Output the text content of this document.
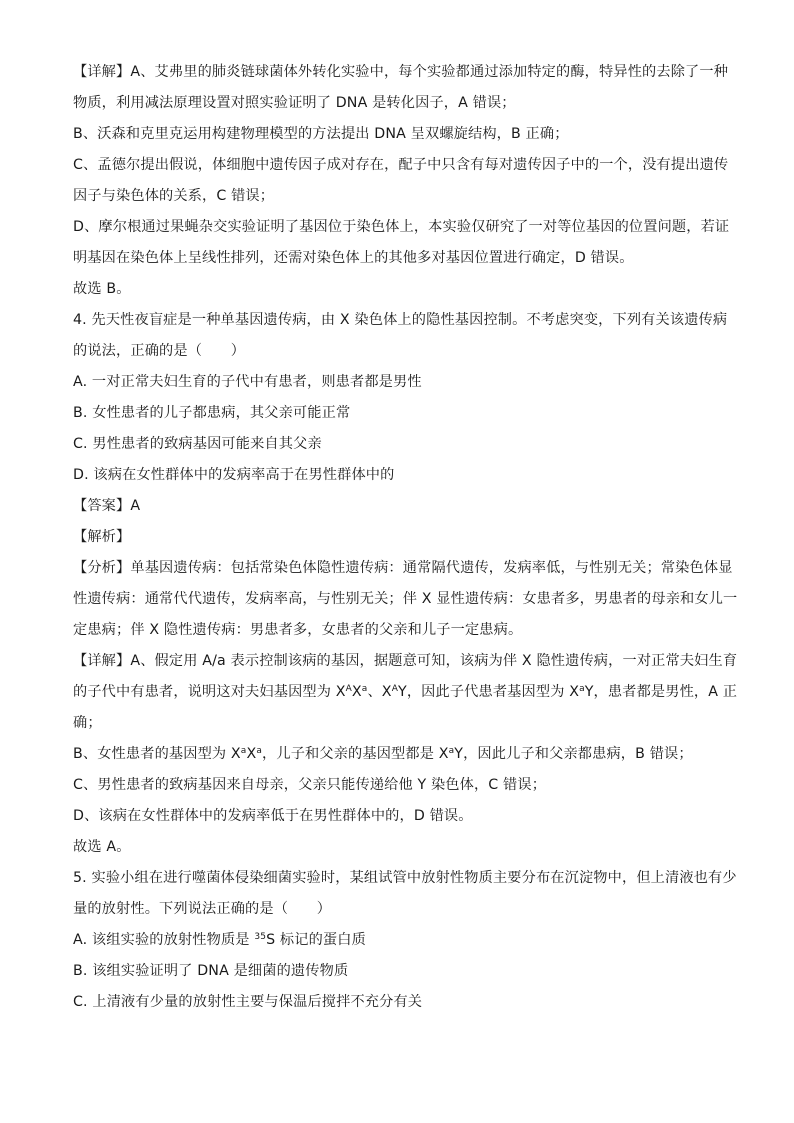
【详解】A、艾弗里的肺炎链球菌体外转化实验中，每个实验都通过添加特定的酶，特异性的去除了一种
物质，利用减法原理设置对照实验证明了 DNA 是转化因子，A 错误；
B、沃森和克里克运用构建物理模型的方法提出 DNA 呈双螺旋结构，B 正确；
C、孟德尔提出假说，体细胞中遗传因子成对存在，配子中只含有每对遗传因子中的一个，没有提出遗传
因子与染色体的关系，C 错误；
D、摩尔根通过果蝇杂交实验证明了基因位于染色体上，本实验仅研究了一对等位基因的位置问题，若证
明基因在染色体上呈线性排列，还需对染色体上的其他多对基因位置进行确定，D 错误。
故选 B。
4. 先天性夜盲症是一种单基因遗传病，由 X 染色体上的隐性基因控制。不考虑突变，下列有关该遗传病
的说法，正确的是（　　）
A. 一对正常夫妇生育的子代中有患者，则患者都是男性
B. 女性患者的儿子都患病，其父亲可能正常
C. 男性患者的致病基因可能来自其父亲
D. 该病在女性群体中的发病率高于在男性群体中的
【答案】A
【解析】
【分析】单基因遗传病：包括常染色体隐性遗传病：通常隔代遗传，发病率低，与性别无关；常染色体显
性遗传病：通常代代遗传，发病率高，与性别无关；伴 X 显性遗传病：女患者多，男患者的母亲和女儿一
定患病；伴 X 隐性遗传病：男患者多，女患者的父亲和儿子一定患病。
【详解】A、假定用 A/a 表示控制该病的基因，据题意可知，该病为伴 X 隐性遗传病，一对正常夫妇生育
的子代中有患者，说明这对夫妇基因型为 $X^AX^a$、$X^AY$，因此子代患者基因型为 $X^aY$，患者都是男性，A 正
确；
B、女性患者的基因型为 $X^aX^a$，儿子和父亲的基因型都是 $X^aY$，因此儿子和父亲都患病，B 错误；
C、男性患者的致病基因来自母亲，父亲只能传递给他 Y 染色体，C 错误；
D、该病在女性群体中的发病率低于在男性群体中的，D 错误。
故选 A。
5. 实验小组在进行噬菌体侵染细菌实验时，某组试管中放射性物质主要分布在沉淀物中，但上清液也有少
量的放射性。下列说法正确的是（　　）
A. 该组实验的放射性物质是 $^{35}$S 标记的蛋白质
B. 该组实验证明了 DNA 是细菌的遗传物质
C. 上清液有少量的放射性主要与保温后搅拌不充分有关
